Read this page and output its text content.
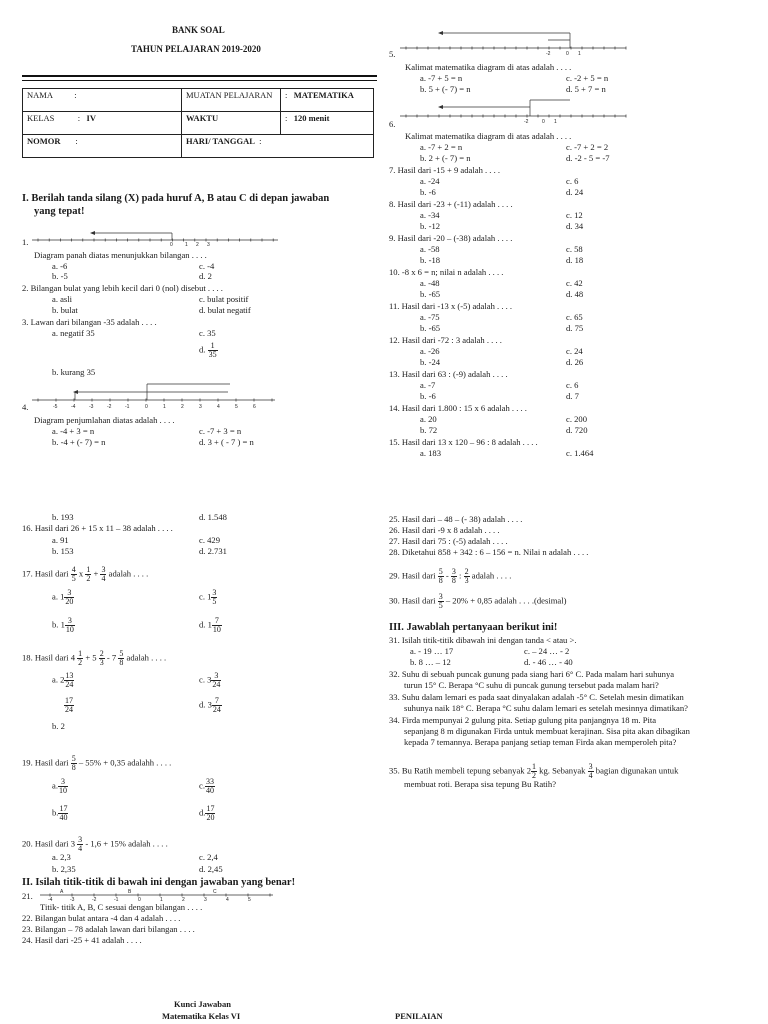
BANK SOAL
TAHUN PELAJARAN 2019-2020
NAMA :	MUATAN PELAJARAN	: MATEMATIKA
KELAS : IV	WAKTU	: 120 menit
NOMOR :	HARI/ TANGGAL :	
I. Berilah tanda silang (X) pada huruf A, B atau C di depan jawaban
yang tepat!
1.	0 1 2 3
Diagram panah diatas menunjukkan bilangan . . . .
a. -6	c. -4
b. -5	d. 2
2. Bilangan bulat yang lebih kecil dari 0 (nol) disebut . . . .
a. asli	c. bulat positif
b. bulat	d. bulat negatif
3. Lawan dari bilangan -35 adalah . . . .
a. negatif 35	c. 35
d. $\frac{1}{35}$
b. kurang 35
4.	-5	-4	-3	-2	-1	0	1	2	3	4	5	6
Diagram penjumlahan diatas adalah . . . .
a. -4 + 3 = n	c. -7 + 3 = n
b. -4 + (- 7) = n	d. 3 + ( - 7 ) = n
-2	0 1
5.
Kalimat matematika diagram di atas adalah . . . .
a. -7 + 5 = n	c. -2 + 5 = n
b. 5 + (- 7) = n	d. 5 + 7 = n
-2	0 1
6.
Kalimat matematika diagram di atas adalah . . . .
a. -7 + 2 = n	c. -7 + 2 = 2
b. 2 + (- 7) = n	d. -2 - 5 = -7
7. Hasil dari -15 + 9 adalah . . . .
a. -24	c. 6
b. -6	d. 24
8. Hasil dari -23 + (-11) adalah . . . .
a. -34	c. 12
b. -12	d. 34
9. Hasil dari -20 – (-38) adalah . . . .
a. -58	c. 58
b. -18	d. 18
10. -8 x 6 = n; nilai n adalah . . . .
a. -48	c. 42
b. -65	d. 48
11. Hasil dari -13 x (-5) adalah . . . .
a. -75	c. 65
b. -65	d. 75
12. Hasil dari -72 : 3 adalah . . . .
a. -26	c. 24
b. -24	d. 26
13. Hasil dari 63 : (-9) adalah . . . .
a. -7	c. 6
b. -6	d. 7
14. Hasil dari 1.800 : 15 x 6 adalah . . . .
a. 20	c. 200
b. 72	d. 720
15. Hasil dari 13 x 120 – 96 : 8 adalah . . . .
a. 183	c. 1.464
b. 193	d. 1.548
16. Hasil dari 26 + 15 x 11 – 38 adalah . . . .
a. 91	c. 429
b. 153	d. 2.731
17. Hasil dari $\frac{4}{5}$ x $\frac{1}{2} + \frac{3}{4}$ adalah . . . .
a. $1 \frac{3}{20}$	c. $1 \frac{3}{5}$
b. $1 \frac{3}{10}$	d. $1 \frac{7}{10}$
18. Hasil dari $4 \frac{1}{2} + 5 \frac{2}{3} - 7 \frac{5}{8}$ adalah . . . .
a. $2 \frac{13}{24}$	c. $3 \frac{3}{24}$
$\frac{17}{24}$	d. $3 \frac{7}{24}$
b. 2
19. Hasil dari $\frac{5}{8} - 55\% + 0,35$ adalahh . . . .
a. $\frac{3}{10}$	c. $\frac{33}{40}$
b. $\frac{17}{40}$	d. $\frac{17}{20}$
20. Hasil dari $3 \frac{3}{4} - 1,6 + 15\%$ adalah . . . .
a. 2,3	c. 2,4
b. 2,35	d. 2,45
II. Isilah titik-titik di bawah ini dengan jawaban yang benar!
21.	A	B	C
-4	-3	-2	-1	0	1	2	3	4	5
Titik- titik A, B, C sesuai dengan bilangan . . . .
22. Bilangan bulat antara -4 dan 4 adalah . . . .
23. Bilangan – 78 adalah lawan dari bilangan . . . .
24. Hasil dari -25 + 41 adalah . . . .
25. Hasil dari – 48 – (- 38) adalah . . . .
26. Hasil dari -9 x 8 adalah . . . .
27. Hasil dari 75 : (-5) adalah . . . .
28. Diketahui 858 + 342 : 6 – 156 = n. Nilai n adalah . . . .
29. Hasil dari $\frac{5}{8} - \frac{3}{8}$ : $\frac{2}{3}$ adalah . . . .
30. Hasil dari $\frac{3}{5} - 20\% + 0,85$ adalah . . . .(desimal)
III. Jawablah pertanyaan berikut ini!
31. Isilah titik-titik dibawah ini dengan tanda < atau >.
a. - 19 … 17	c. – 24 … - 2
b. 8 … – 12	d. - 46 … - 40
32. Suhu di sebuah puncak gunung pada siang hari 6° C. Pada malam hari suhunya
turun 15° C. Berapa °C suhu di puncak gunung tersebut pada malam hari?
33. Suhu dalam lemari es pada saat dinyalakan adalah -5° C. Setelah mesin dimatikan
suhunya naik 18° C. Berapa °C suhu dalam lemari es setelah mesinnya dimatikan?
34. Firda mempunyai 2 gulung pita. Setiap gulung pita panjangnya 18 m. Pita
sepanjang 8 m digunakan Firda untuk membuat kerajinan. Sisa pita akan dibagikan
kepada 7 temannya. Berapa panjang setiap teman Firda akan memperoleh pita?
35. Bu Ratih membeli tepung sebanyak $2 \frac{1}{2}$ kg. Sebanyak $\frac{3}{4}$ bagian digunakan untuk
membuat roti. Berapa sisa tepung Bu Ratih?
Kunci Jawaban
Matematika Kelas VI	PENILAIAN
